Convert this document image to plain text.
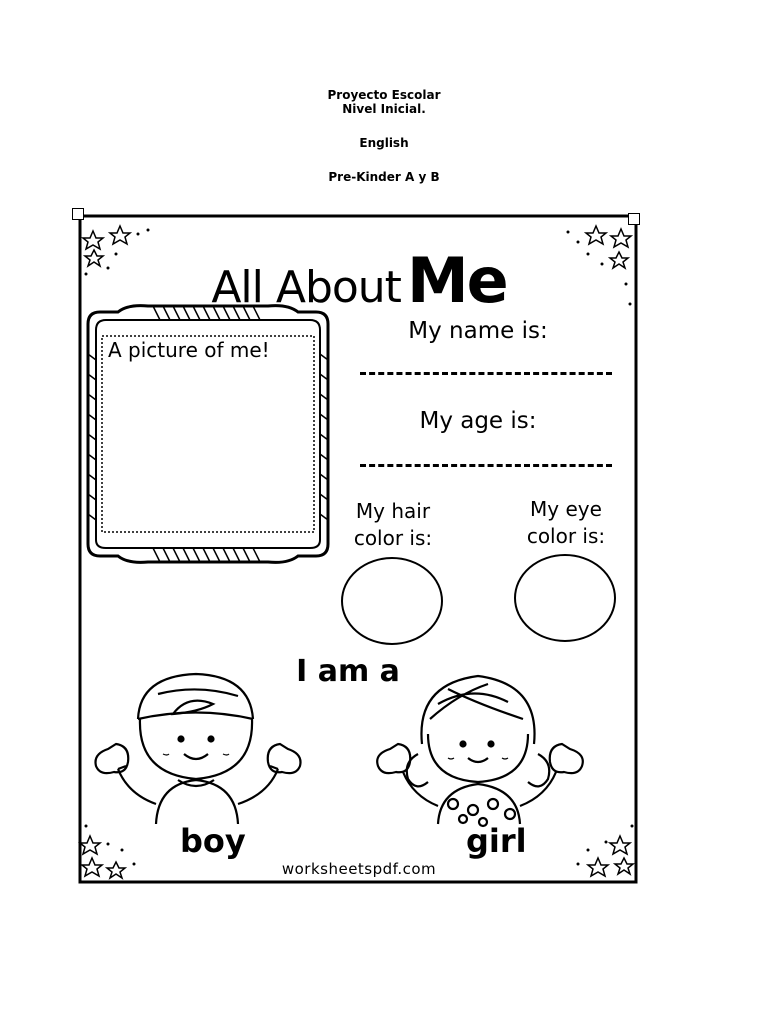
Proyecto Escolar
Nivel Inicial.
English
Pre-Kinder A y B
All AboutMe
A picture of me!
My name is:
My age is:
My hair
color is:
My eye
color is:
I am a
boy	girl
worksheetspdf.com
